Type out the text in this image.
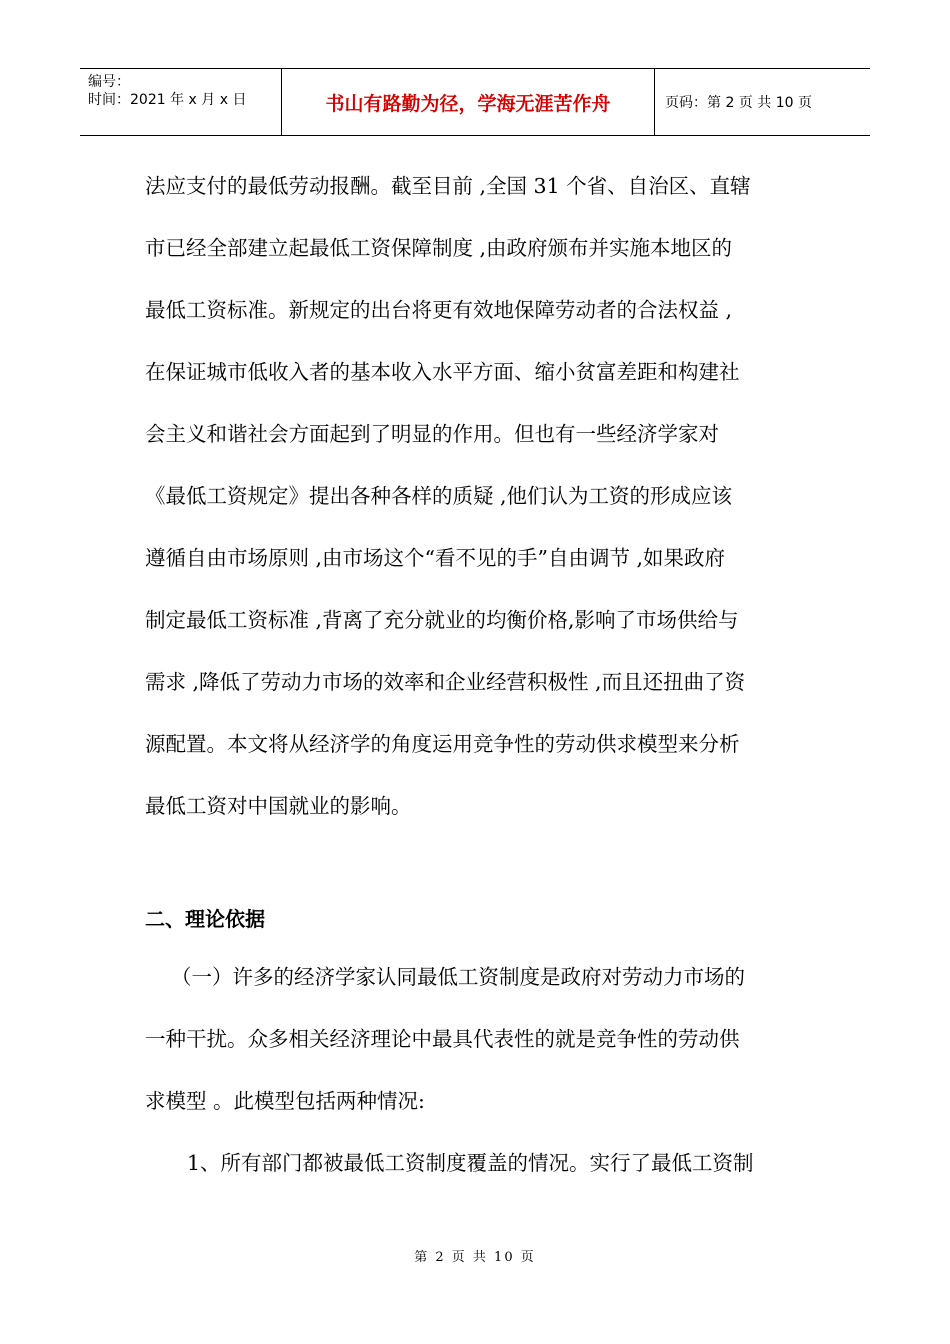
编号：
时间：2021 年 x 月 x 日	书山有路勤为径，学海无涯苦作舟	页码：第 2 页 共 10 页

法应支付的最低劳动报酬。截至目前 ,全国 31 个省、自治区、直辖

市已经全部建立起最低工资保障制度 ,由政府颁布并实施本地区的

最低工资标准。新规定的出台将更有效地保障劳动者的合法权益 ,

在保证城市低收入者的基本收入水平方面、缩小贫富差距和构建社

会主义和谐社会方面起到了明显的作用。但也有一些经济学家对

《最低工资规定》提出各种各样的质疑 ,他们认为工资的形成应该

遵循自由市场原则 ,由市场这个“看不见的手”自由调节 ,如果政府

制定最低工资标准 ,背离了充分就业的均衡价格,影响了市场供给与

需求 ,降低了劳动力市场的效率和企业经营积极性 ,而且还扭曲了资

源配置。本文将从经济学的角度运用竞争性的劳动供求模型来分析

最低工资对中国就业的影响。

二、理论依据

（一）许多的经济学家认同最低工资制度是政府对劳动力市场的

一种干扰。众多相关经济理论中最具代表性的就是竞争性的劳动供

求模型 。此模型包括两种情况:

1、所有部门都被最低工资制度覆盖的情况。实行了最低工资制

第 2 页 共 10 页
